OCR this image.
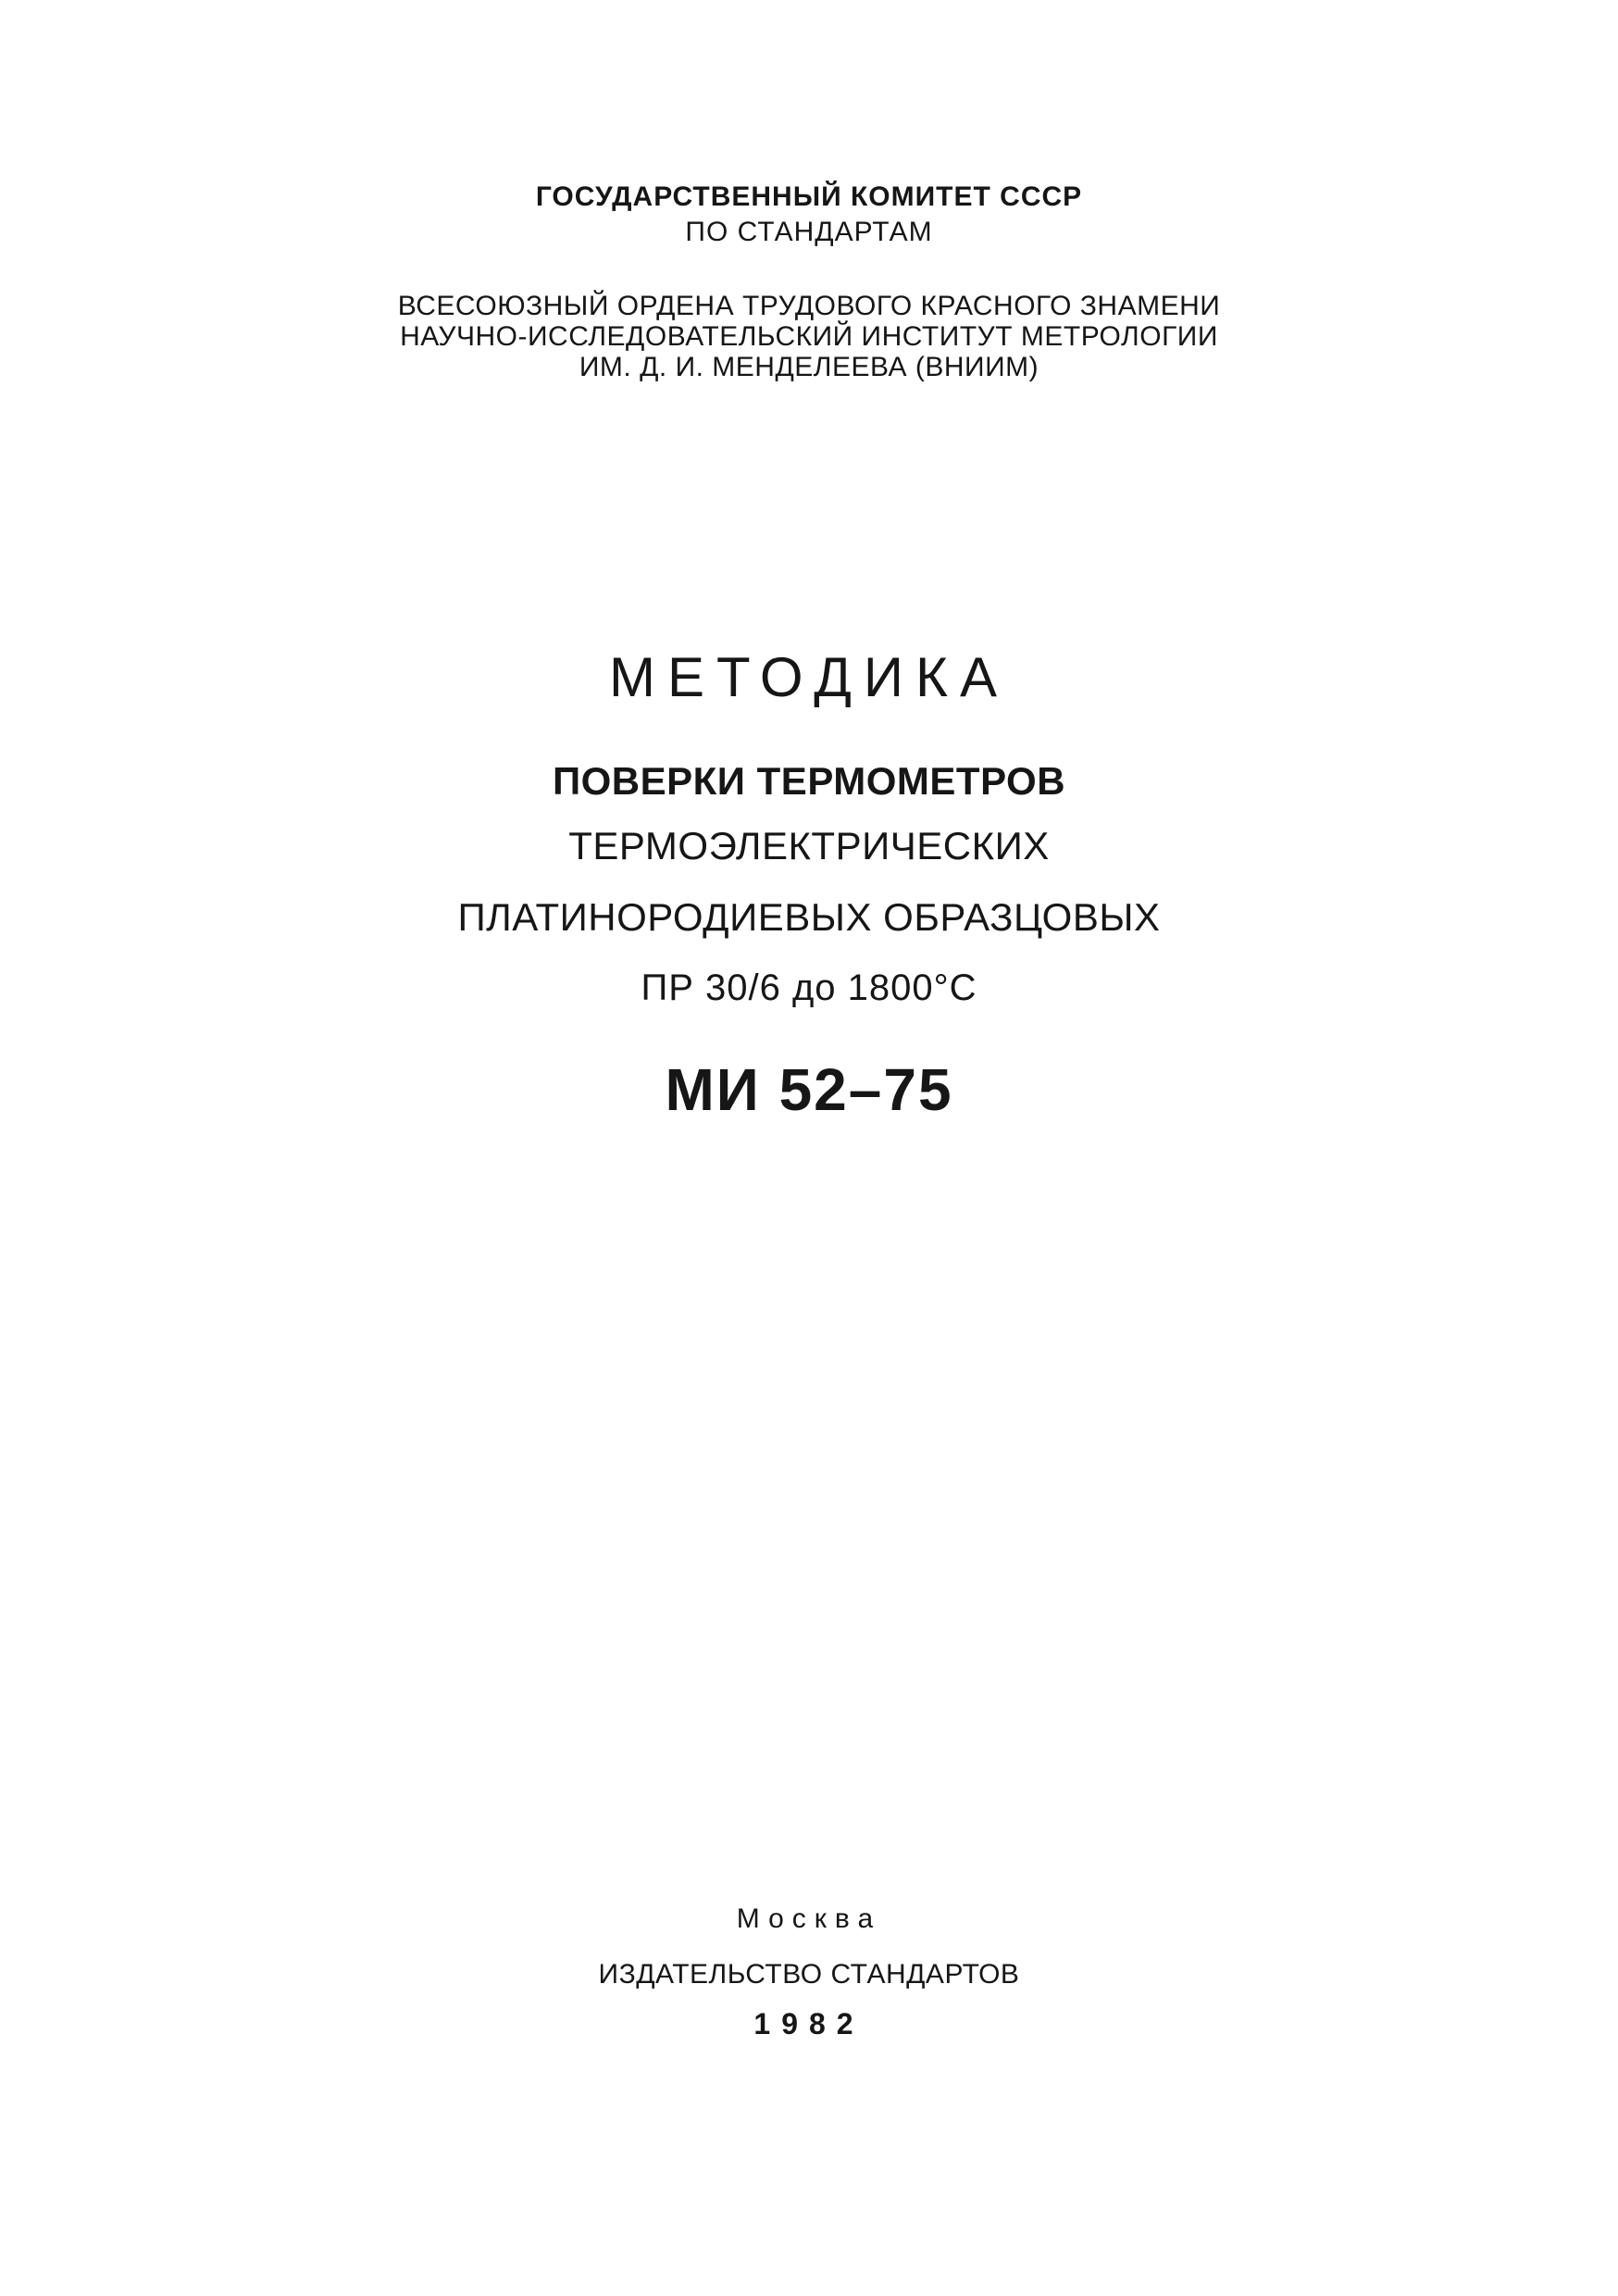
ГОСУДАРСТВЕННЫЙ КОМИТЕТ СССР
ПО СТАНДАРТАМ
ВСЕСОЮЗНЫЙ ОРДЕНА ТРУДОВОГО КРАСНОГО ЗНАМЕНИ
НАУЧНО-ИССЛЕДОВАТЕЛЬСКИЙ ИНСТИТУТ МЕТРОЛОГИИ
ИМ. Д. И. МЕНДЕЛЕЕВА (ВНИИМ)
МЕТОДИКА
ПОВЕРКИ ТЕРМОМЕТРОВ
ТЕРМОЭЛЕКТРИЧЕСКИХ
ПЛАТИНОРОДИЕВЫХ ОБРАЗЦОВЫХ
ПР 30/6 до 1800°С
МИ 52–75
Москва
ИЗДАТЕЛЬСТВО СТАНДАРТОВ
1982
